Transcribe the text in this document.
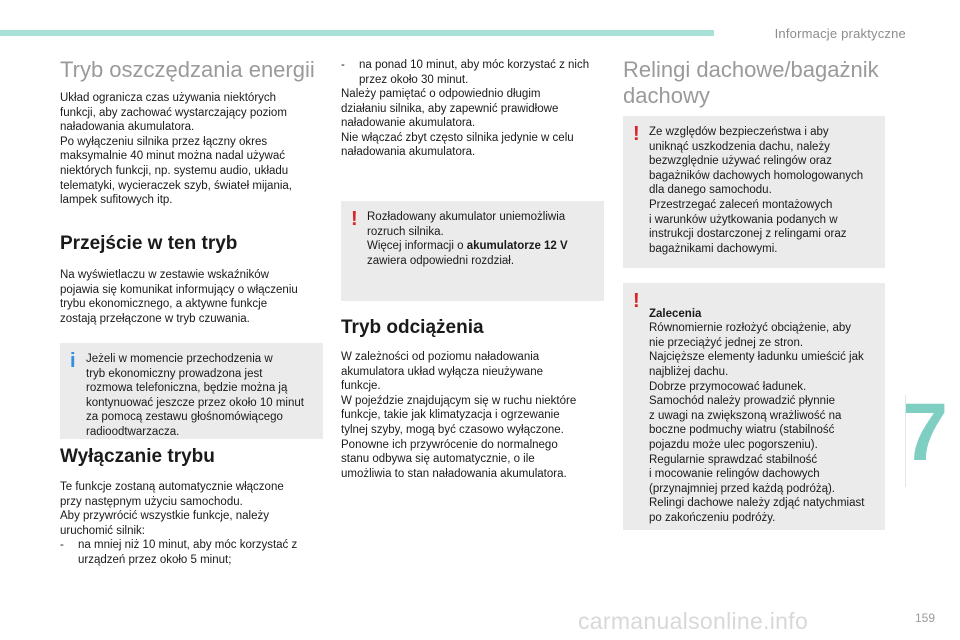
Informacje praktyczne
7
159
carmanualsonline.info
Tryb oszczędzania energii
Układ ogranicza czas używania niektórych
funkcji, aby zachować wystarczający poziom
naładowania akumulatora.
Po wyłączeniu silnika przez łączny okres
maksymalnie 40 minut można nadal używać
niektórych funkcji, np. systemu audio, układu
telematyki, wycieraczek szyb, świateł mijania,
lampek sufitowych itp.
Przejście w ten tryb
Na wyświetlaczu w zestawie wskaźników
pojawia się komunikat informujący o włączeniu
trybu ekonomicznego, a aktywne funkcje
zostają przełączone w tryb czuwania.
i Jeżeli w momencie przechodzenia w
tryb ekonomiczny prowadzona jest
rozmowa telefoniczna, będzie można ją
kontynuować jeszcze przez około 10 minut
za pomocą zestawu głośnomówiącego
radioodtwarzacza.
Wyłączanie trybu
Te funkcje zostaną automatycznie włączone
przy następnym użyciu samochodu.
Aby przywrócić wszystkie funkcje, należy
uruchomić silnik:
- na mniej niż 10 minut, aby móc korzystać z urządzeń przez około 5 minut;
- na ponad 10 minut, aby móc korzystać z nich przez około 30 minut.
Należy pamiętać o odpowiednio długim
działaniu silnika, aby zapewnić prawidłowe
naładowanie akumulatora.
Nie włączać zbyt często silnika jedynie w celu
naładowania akumulatora.
! Rozładowany akumulator uniemożliwia
rozruch silnika.
Więcej informacji o akumulatorze 12 V
zawiera odpowiedni rozdział.
Tryb odciążenia
W zależności od poziomu naładowania
akumulatora układ wyłącza nieużywane
funkcje.
W pojeździe znajdującym się w ruchu niektóre
funkcje, takie jak klimatyzacja i ogrzewanie
tylnej szyby, mogą być czasowo wyłączone.
Ponowne ich przywrócenie do normalnego
stanu odbywa się automatycznie, o ile
umożliwia to stan naładowania akumulatora.
Relingi dachowe/bagażnik
dachowy
! Ze względów bezpieczeństwa i aby
uniknąć uszkodzenia dachu, należy
bezwzględnie używać relingów oraz
bagażników dachowych homologowanych
dla danego samochodu.
Przestrzegać zaleceń montażowych
i warunków użytkowania podanych w
instrukcji dostarczonej z relingami oraz
bagażnikami dachowymi.
!

Zalecenia

Równomiernie rozłożyć obciążenie, aby
nie przeciążyć jednej ze stron.
Najcięższe elementy ładunku umieścić jak
najbliżej dachu.
Dobrze przymocować ładunek.
Samochód należy prowadzić płynnie
z uwagi na zwiększoną wrażliwość na
boczne podmuchy wiatru (stabilność
pojazdu może ulec pogorszeniu).
Regularnie sprawdzać stabilność
i mocowanie relingów dachowych
(przynajmniej przed każdą podróżą).
Relingi dachowe należy zdjąć natychmiast
po zakończeniu podróży.
